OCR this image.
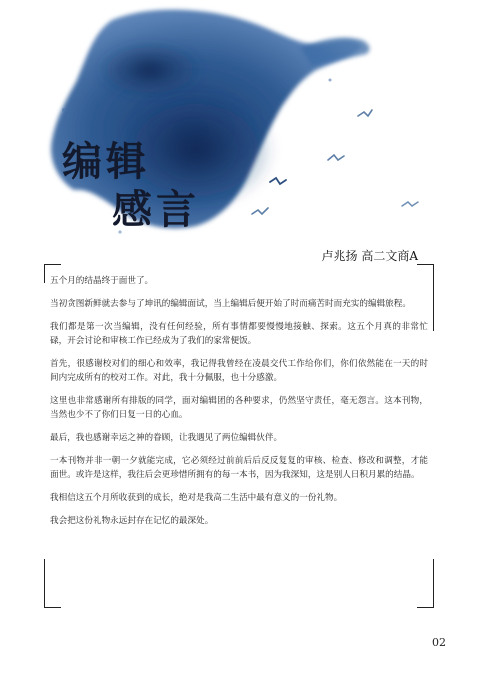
编辑
感言
卢兆扬 高二文商A

五个月的结晶终于面世了。

当初贪图新鲜就去参与了坤讯的编辑面试，当上编辑后便开始了时而痛苦时而充实的编辑旅程。

我们都是第一次当编辑，没有任何经验，所有事情都要慢慢地接触、探索。这五个月真的非常忙碌，开会讨论和审核工作已经成为了我们的家常便饭。

首先，很感谢校对们的细心和效率，我记得我曾经在凌晨交代工作给你们，你们依然能在一天的时间内完成所有的校对工作。对此，我十分佩服，也十分感激。

这里也非常感谢所有排版的同学，面对编辑团的各种要求，仍然坚守责任，毫无怨言。这本刊物，当然也少不了你们日复一日的心血。

最后，我也感谢幸运之神的眷顾，让我遇见了两位编辑伙伴。

一本刊物并非一朝一夕就能完成，它必须经过前前后后反反复复的审核、检查、修改和调整，才能面世。或许是这样，我往后会更珍惜所拥有的每一本书，因为我深知，这是别人日积月累的结晶。

我相信这五个月所收获到的成长，绝对是我高二生活中最有意义的一份礼物。

我会把这份礼物永远封存在记忆的最深处。

02
